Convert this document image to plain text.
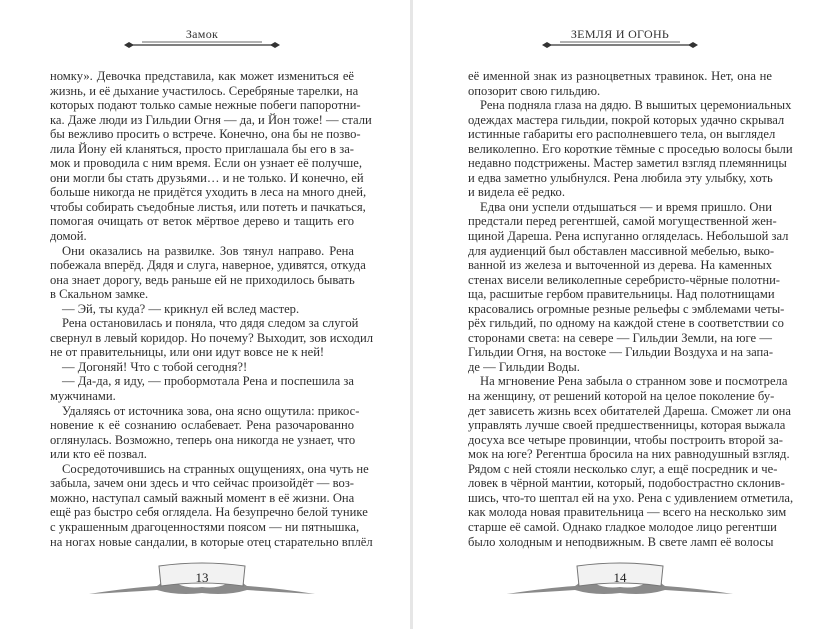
Замок
номку». Девочка представила, как может измениться её
жизнь, и её дыхание участилось. Серебряные тарелки, на
которых подают только самые нежные побеги папоротни-
ка. Даже люди из Гильдии Огня — да, и Йон тоже! — стали
бы вежливо просить о встрече. Конечно, она бы не позво-
лила Йону ей кланяться, просто приглашала бы его в за-
мок и проводила с ним время. Если он узнает её получше,
они могли бы стать друзьями… и не только. И конечно, ей
больше никогда не придётся уходить в леса на много дней,
чтобы собирать съедобные листья, или потеть и пачкаться,
помогая очищать от веток мёртвое дерево и тащить его
домой.
Они оказались на развилке. Зов тянул направо. Рена
побежала вперёд. Дядя и слуга, наверное, удивятся, откуда
она знает дорогу, ведь раньше ей не приходилось бывать
в Скальном замке.
— Эй, ты куда? — крикнул ей вслед мастер.
Рена остановилась и поняла, что дядя следом за слугой
свернул в левый коридор. Но почему? Выходит, зов исходил
не от правительницы, или они идут вовсе не к ней!
— Догоняй! Что с тобой сегодня?!
— Да-да, я иду, — пробормотала Рена и поспешила за
мужчинами.
Удаляясь от источника зова, она ясно ощутила: прикос-
новение к её сознанию ослабевает. Рена разочарованно
оглянулась. Возможно, теперь она никогда не узнает, что
или кто её позвал.
Сосредоточившись на странных ощущениях, она чуть не
забыла, зачем они здесь и что сейчас произойдёт — воз-
можно, наступал самый важный момент в её жизни. Она
ещё раз быстро себя оглядела. На безупречно белой тунике
с украшенным драгоценностями поясом — ни пятнышка,
на ногах новые сандалии, в которые отец старательно вплёл
13
ЗЕМЛЯ И ОГОНЬ
её именной знак из разноцветных травинок. Нет, она не
опозорит свою гильдию.
Рена подняла глаза на дядю. В вышитых церемониальных
одеждах мастера гильдии, покрой которых удачно скрывал
истинные габариты его располневшего тела, он выглядел
великолепно. Его короткие тёмные с проседью волосы были
недавно подстрижены. Мастер заметил взгляд племянницы
и едва заметно улыбнулся. Рена любила эту улыбку, хоть
и видела её редко.
Едва они успели отдышаться — и время пришло. Они
предстали перед регентшей, самой могущественной жен-
щиной Дареша. Рена испуганно огляделась. Небольшой зал
для аудиенций был обставлен массивной мебелью, выко-
ванной из железа и выточенной из дерева. На каменных
стенах висели великолепные серебристо-чёрные полотни-
ща, расшитые гербом правительницы. Над полотнищами
красовались огромные резные рельефы с эмблемами четы-
рёх гильдий, по одному на каждой стене в соответствии со
сторонами света: на севере — Гильдии Земли, на юге —
Гильдии Огня, на востоке — Гильдии Воздуха и на запа-
де — Гильдии Воды.
На мгновение Рена забыла о странном зове и посмотрела
на женщину, от решений которой на целое поколение бу-
дет зависеть жизнь всех обитателей Дареша. Сможет ли она
управлять лучше своей предшественницы, которая выжала
досуха все четыре провинции, чтобы построить второй за-
мок на юге? Регентша бросила на них равнодушный взгляд.
Рядом с ней стояли несколько слуг, а ещё посредник и че-
ловек в чёрной мантии, который, подобострастно склонив-
шись, что-то шептал ей на ухо. Рена с удивлением отметила,
как молода новая правительница — всего на несколько зим
старше её самой. Однако гладкое молодое лицо регентши
было холодным и неподвижным. В свете ламп её волосы
14
